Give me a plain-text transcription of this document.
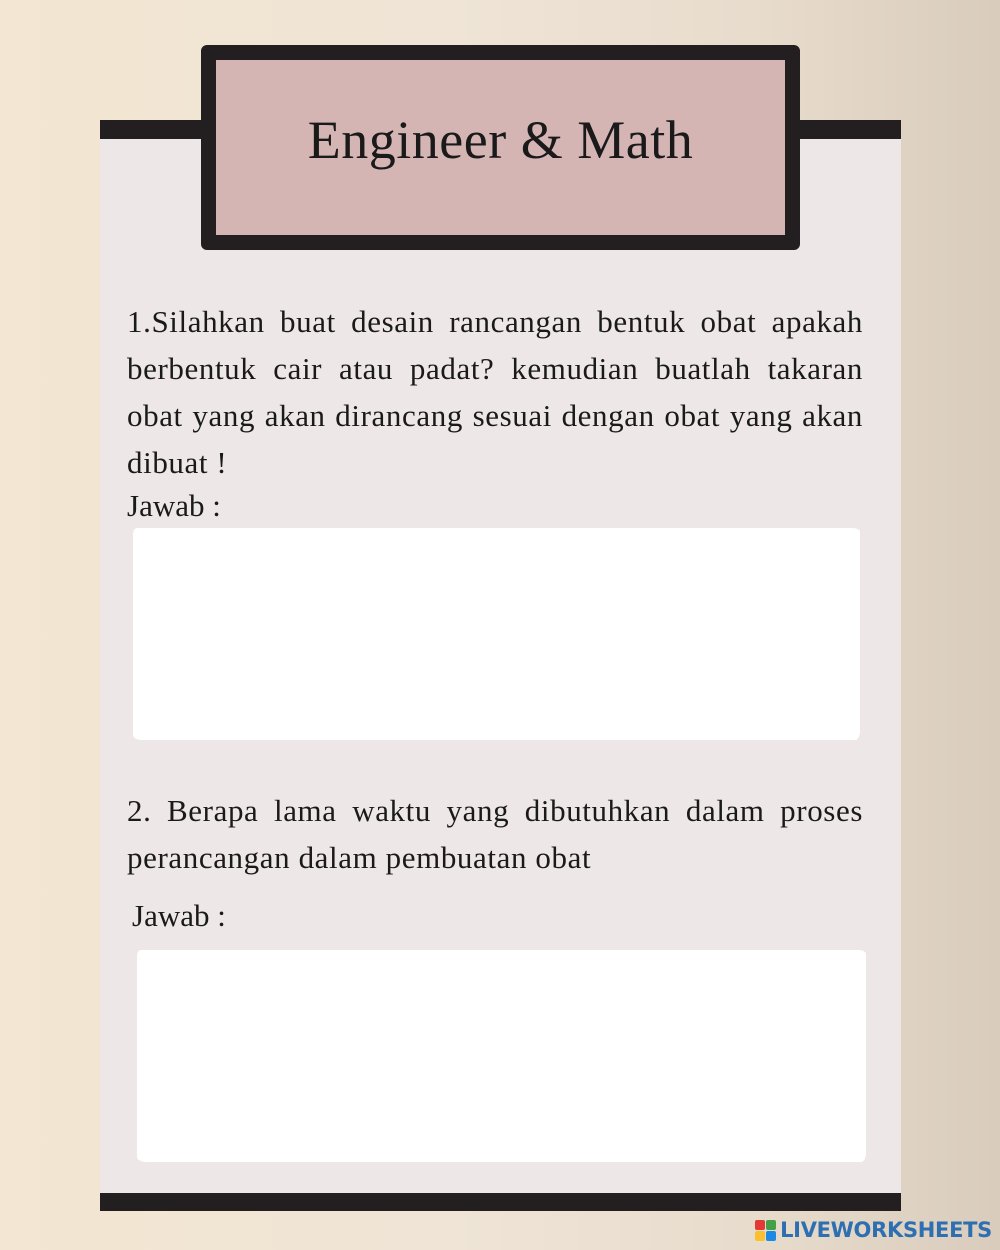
Engineer & Math

1.Silahkan buat desain rancangan bentuk obat apakah berbentuk cair atau padat? kemudian buatlah takaran obat yang akan dirancang sesuai dengan obat yang akan dibuat !

Jawab :

2. Berapa lama waktu yang dibutuhkan dalam proses perancangan dalam pembuatan obat

Jawab :
LIVEWORKSHEETS
